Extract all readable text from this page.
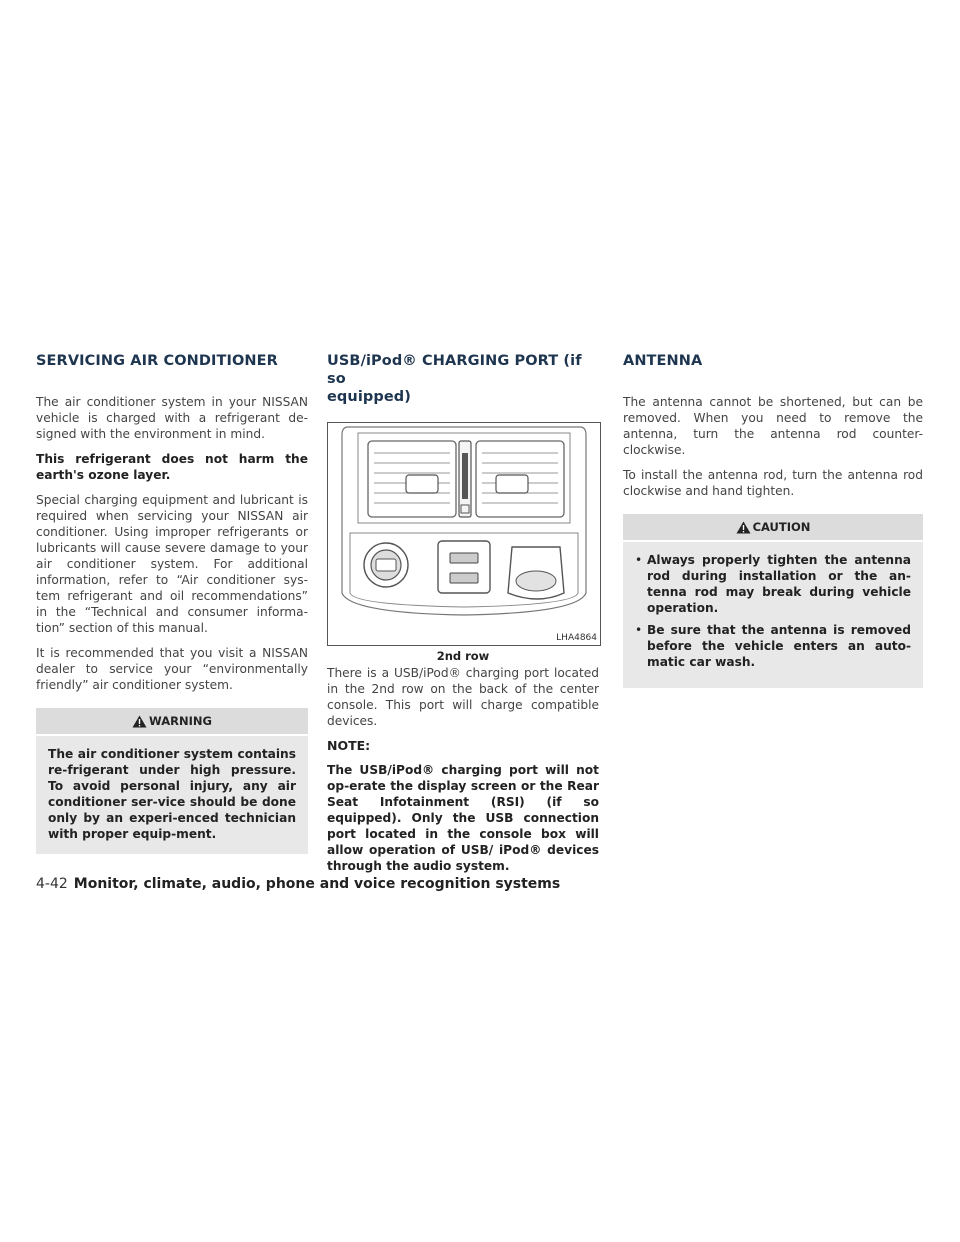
SERVICING AIR CONDITIONER

The air conditioner system in your NISSAN vehicle is charged with a refrigerant de-signed with the environment in mind.

This refrigerant does not harm the earth's ozone layer.

Special charging equipment and lubricant is required when servicing your NISSAN air conditioner. Using improper refrigerants or lubricants will cause severe damage to your air conditioner system. For additional information, refer to “Air conditioner sys-tem refrigerant and oil recommendations” in the “Technical and consumer informa-tion” section of this manual.

It is recommended that you visit a NISSAN dealer to service your “environmentally friendly” air conditioner system.

WARNING
The air conditioner system contains re-frigerant under high pressure. To avoid personal injury, any air conditioner ser-vice should be done only by an experi-enced technician with proper equip-ment.
USB/iPod® CHARGING PORT (if so
equipped)
LHA4864
2nd row

There is a USB/iPod® charging port located in the 2nd row on the back of the center console. This port will charge compatible devices.

NOTE:

The USB/iPod® charging port will not op-erate the display screen or the Rear Seat Infotainment (RSI) (if so equipped). Only the USB connection port located in the console box will allow operation of USB/ iPod® devices through the audio system.

ANTENNA

The antenna cannot be shortened, but can be removed. When you need to remove the antenna, turn the antenna rod counter-clockwise.

To install the antenna rod, turn the antenna rod clockwise and hand tighten.

CAUTION
• Always properly tighten the antenna rod during installation or the an-tenna rod may break during vehicle operation.
• Be sure that the antenna is removed before the vehicle enters an auto-matic car wash.
4-42 Monitor, climate, audio, phone and voice recognition systems
